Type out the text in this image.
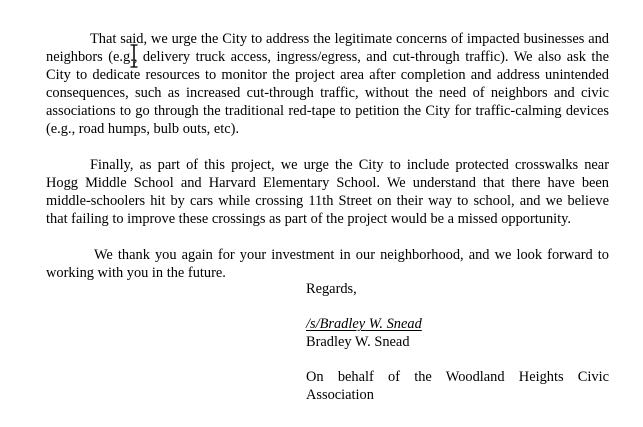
That said, we urge the City to address the legitimate concerns of impacted businesses and neighbors (e.g., delivery truck access, ingress/egress, and cut-through traffic). We also ask the City to dedicate resources to monitor the project area after completion and address unintended consequences, such as increased cut-through traffic, without the need of neighbors and civic associations to go through the traditional red-tape to petition the City for traffic-calming devices (e.g., road humps, bulb outs, etc).

Finally, as part of this project, we urge the City to include protected crosswalks near Hogg Middle School and Harvard Elementary School. We understand that there have been middle-schoolers hit by cars while crossing 11th Street on their way to school, and we believe that failing to improve these crossings as part of the project would be a missed opportunity.

We thank you again for your investment in our neighborhood, and we look forward to working with you in the future.

Regards,

/s/Bradley W. Snead

Bradley W. Snead

On behalf of the Woodland Heights Civic Association
